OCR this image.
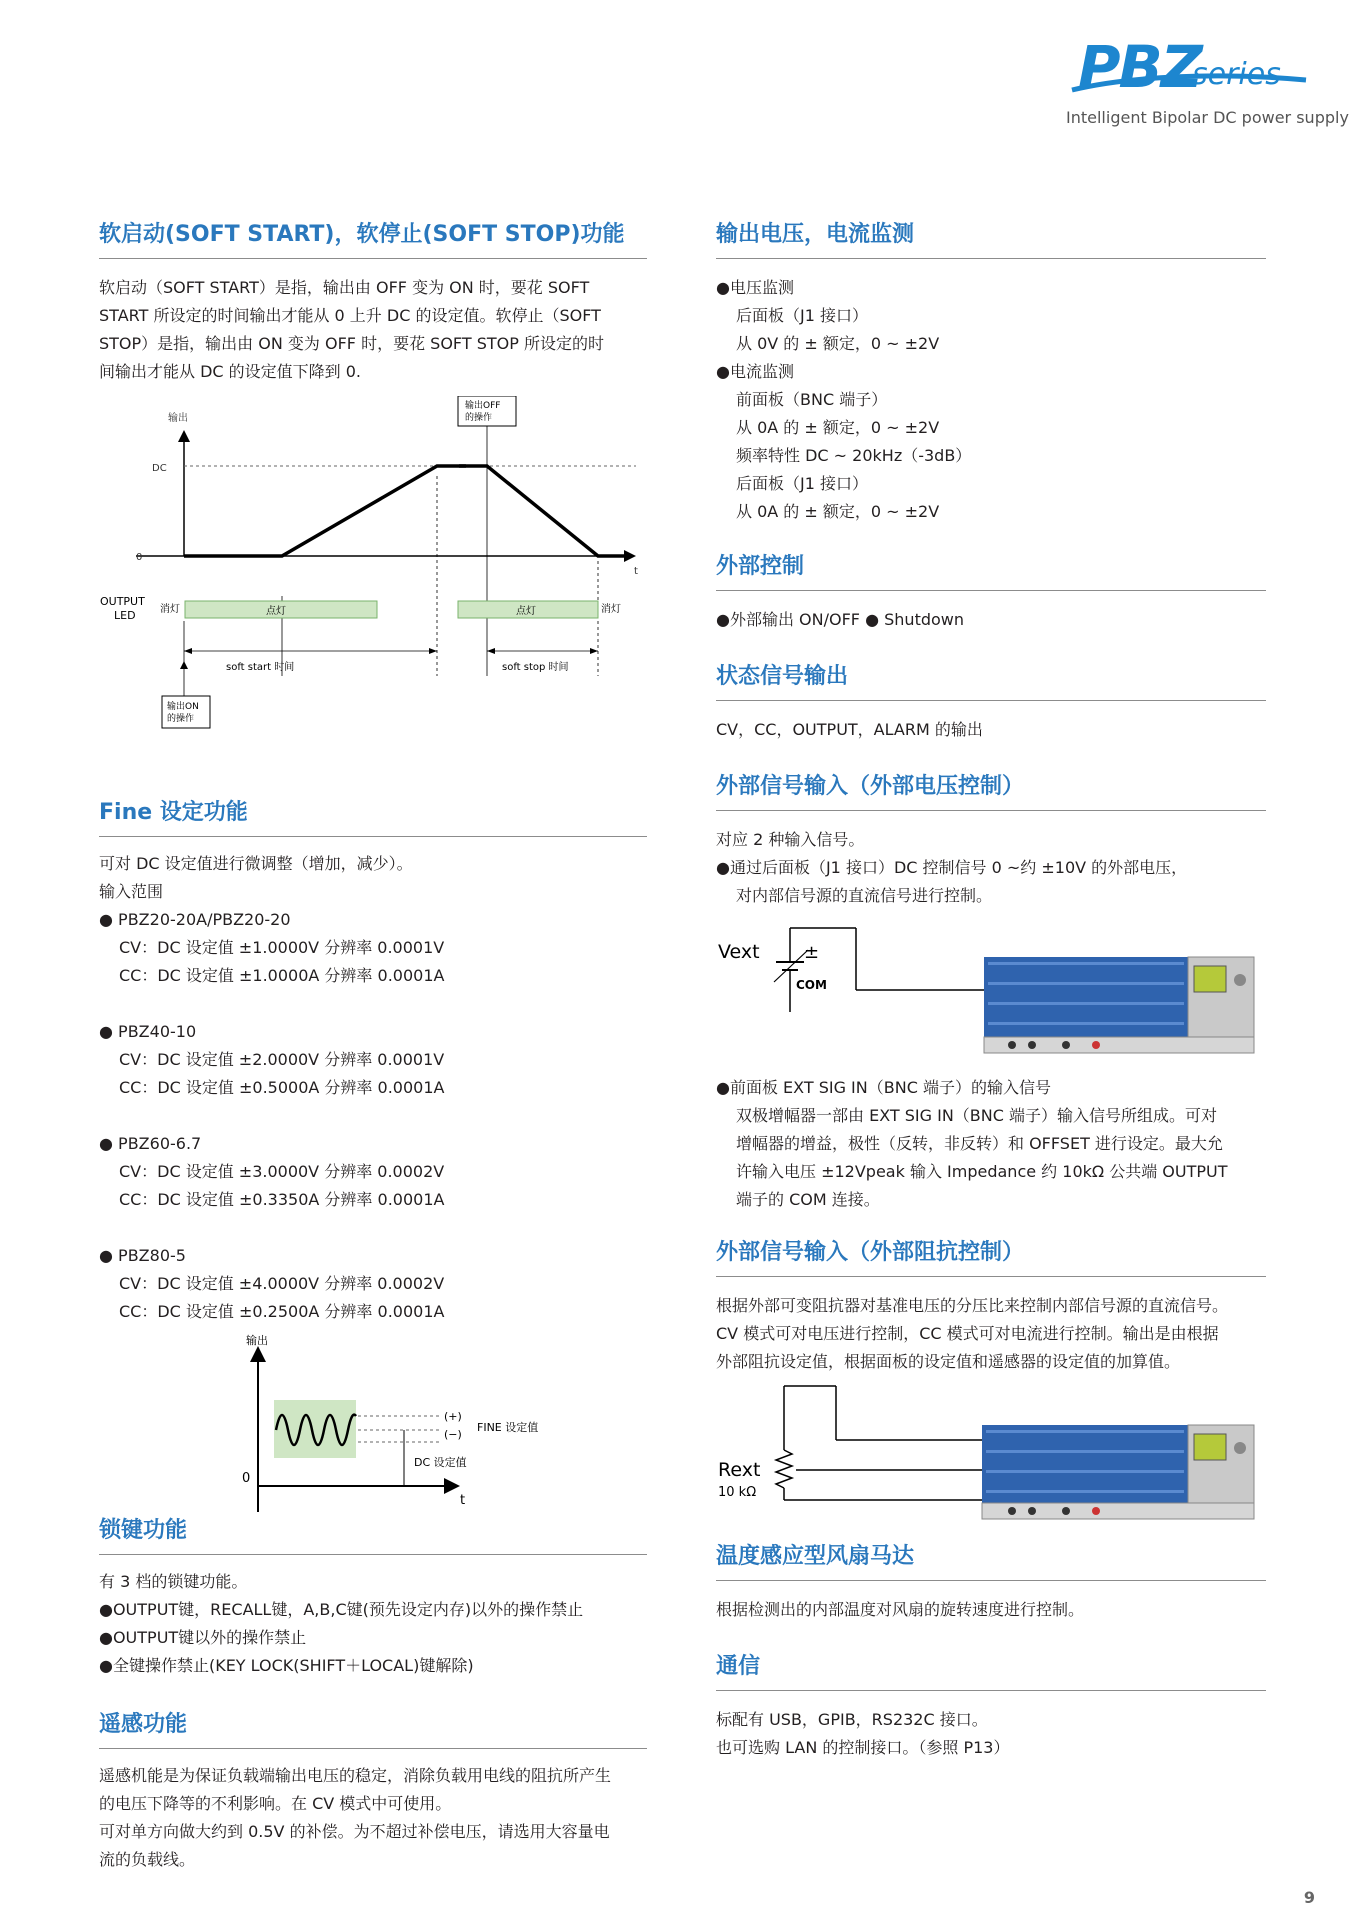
PBZ
series
Intelligent Bipolar DC power supply
软启动(SOFT START)，软停止(SOFT STOP)功能

软启动（SOFT START）是指，输出由 OFF 变为 ON 时，要花 SOFT

START 所设定的时间输出才能从 0 上升 DC 的设定值。软停止（SOFT

STOP）是指，输出由 ON 变为 OFF 时，要花 SOFT STOP 所设定的时

间输出才能从 DC 的设定值下降到 0.

输出
DC
0
t
输出OFF
的操作
OUTPUT
LED 消灯	点灯	点灯	消灯
soft start 时间	soft stop 时间
输出ON
的操作
Fine 设定功能

可对 DC 设定值进行微调整（增加，减少）。

输入范围

● PBZ20-20A/PBZ20-20

CV：DC 设定值 ±1.0000V 分辨率 0.0001V

CC：DC 设定值 ±1.0000A 分辨率 0.0001A

● PBZ40-10

CV：DC 设定值 ±2.0000V 分辨率 0.0001V

CC：DC 设定值 ±0.5000A 分辨率 0.0001A

● PBZ60-6.7

CV：DC 设定值 ±3.0000V 分辨率 0.0002V

CC：DC 设定值 ±0.3350A 分辨率 0.0001A

● PBZ80-5

CV：DC 设定值 ±4.0000V 分辨率 0.0002V

CC：DC 设定值 ±0.2500A 分辨率 0.0001A

输出
0
t
(+)
(−)
FINE 设定值
DC 设定值
锁键功能

有 3 档的锁键功能。

●OUTPUT键，RECALL键，A,B,C键(预先设定内存)以外的操作禁止

●OUTPUT键以外的操作禁止

●全键操作禁止(KEY LOCK(SHIFT＋LOCAL)键解除)

遥感功能

遥感机能是为保证负载端输出电压的稳定，消除负载用电线的阻抗所产生

的电压下降等的不利影响。在 CV 模式中可使用。

可对单方向做大约到 0.5V 的补偿。为不超过补偿电压，请选用大容量电

流的负载线。

输出电压，电流监测

●电压监测

后面板（J1 接口）

从 0V 的 ± 额定，0 ~ ±2V

●电流监测

前面板（BNC 端子）

从 0A 的 ± 额定，0 ~ ±2V

频率特性 DC ~ 20kHz（-3dB）

后面板（J1 接口）

从 0A 的 ± 额定，0 ~ ±2V

外部控制
●外部输出 ON/OFF ● Shutdown
状态信号输出
CV，CC，OUTPUT，ALARM 的输出
外部信号输入（外部电压控制）

对应 2 种输入信号。

●通过后面板（J1 接口）DC 控制信号 0 ~约 ±10V 的外部电压，

对内部信号源的直流信号进行控制。

Vext ±
COM

●前面板 EXT SIG IN（BNC 端子）的输入信号

双极增幅器一部由 EXT SIG IN（BNC 端子）输入信号所组成。可对

增幅器的增益，极性（反转，非反转）和 OFFSET 进行设定。最大允

许输入电压 ±12Vpeak 输入 Impedance 约 10kΩ 公共端 OUTPUT

端子的 COM 连接。

外部信号输入（外部阻抗控制）

根据外部可变阻抗器对基准电压的分压比来控制内部信号源的直流信号。

CV 模式可对电压进行控制，CC 模式可对电流进行控制。输出是由根据

外部阻抗设定值，根据面板的设定值和遥感器的设定值的加算值。

Rext
10 kΩ
温度感应型风扇马达
根据检测出的内部温度对风扇的旋转速度进行控制。
通信

标配有 USB，GPIB，RS232C 接口。

也可选购 LAN 的控制接口。（参照 P13）

9
